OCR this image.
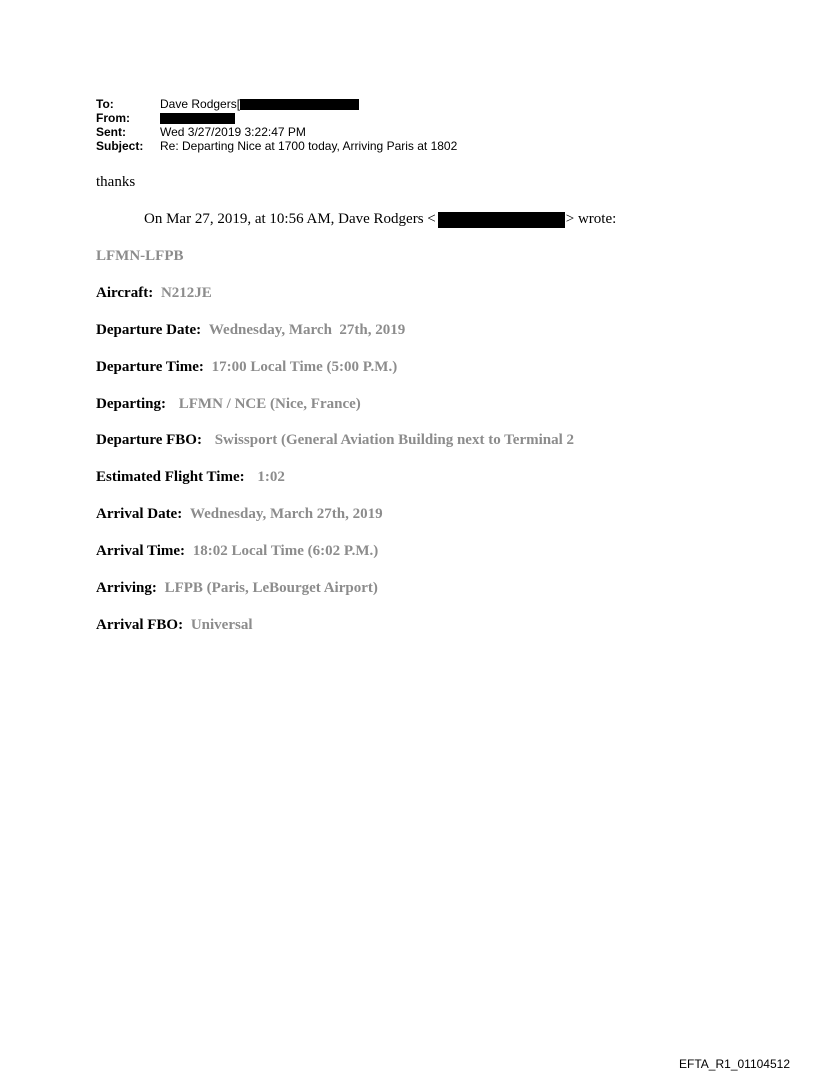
To:	Dave Rodgers[
From:
Sent:	Wed 3/27/2019 3:22:47 PM
Subject:	Re: Departing Nice at 1700 today, Arriving Paris at 1802
thanks
On Mar 27, 2019, at 10:56 AM, Dave Rodgers <	> wrote:
LFMN-LFPB
Aircraft: N212JE
Departure Date: Wednesday, March  27th, 2019
Departure Time: 17:00 Local Time (5:00 P.M.)
Departing: LFMN / NCE (Nice, France)
Departure FBO: Swissport (General Aviation Building next to Terminal 2
Estimated Flight Time: 1:02
Arrival Date: Wednesday, March 27th, 2019
Arrival Time: 18:02 Local Time (6:02 P.M.)
Arriving: LFPB (Paris, LeBourget Airport)
Arrival FBO: Universal
EFTA_R1_01104512
